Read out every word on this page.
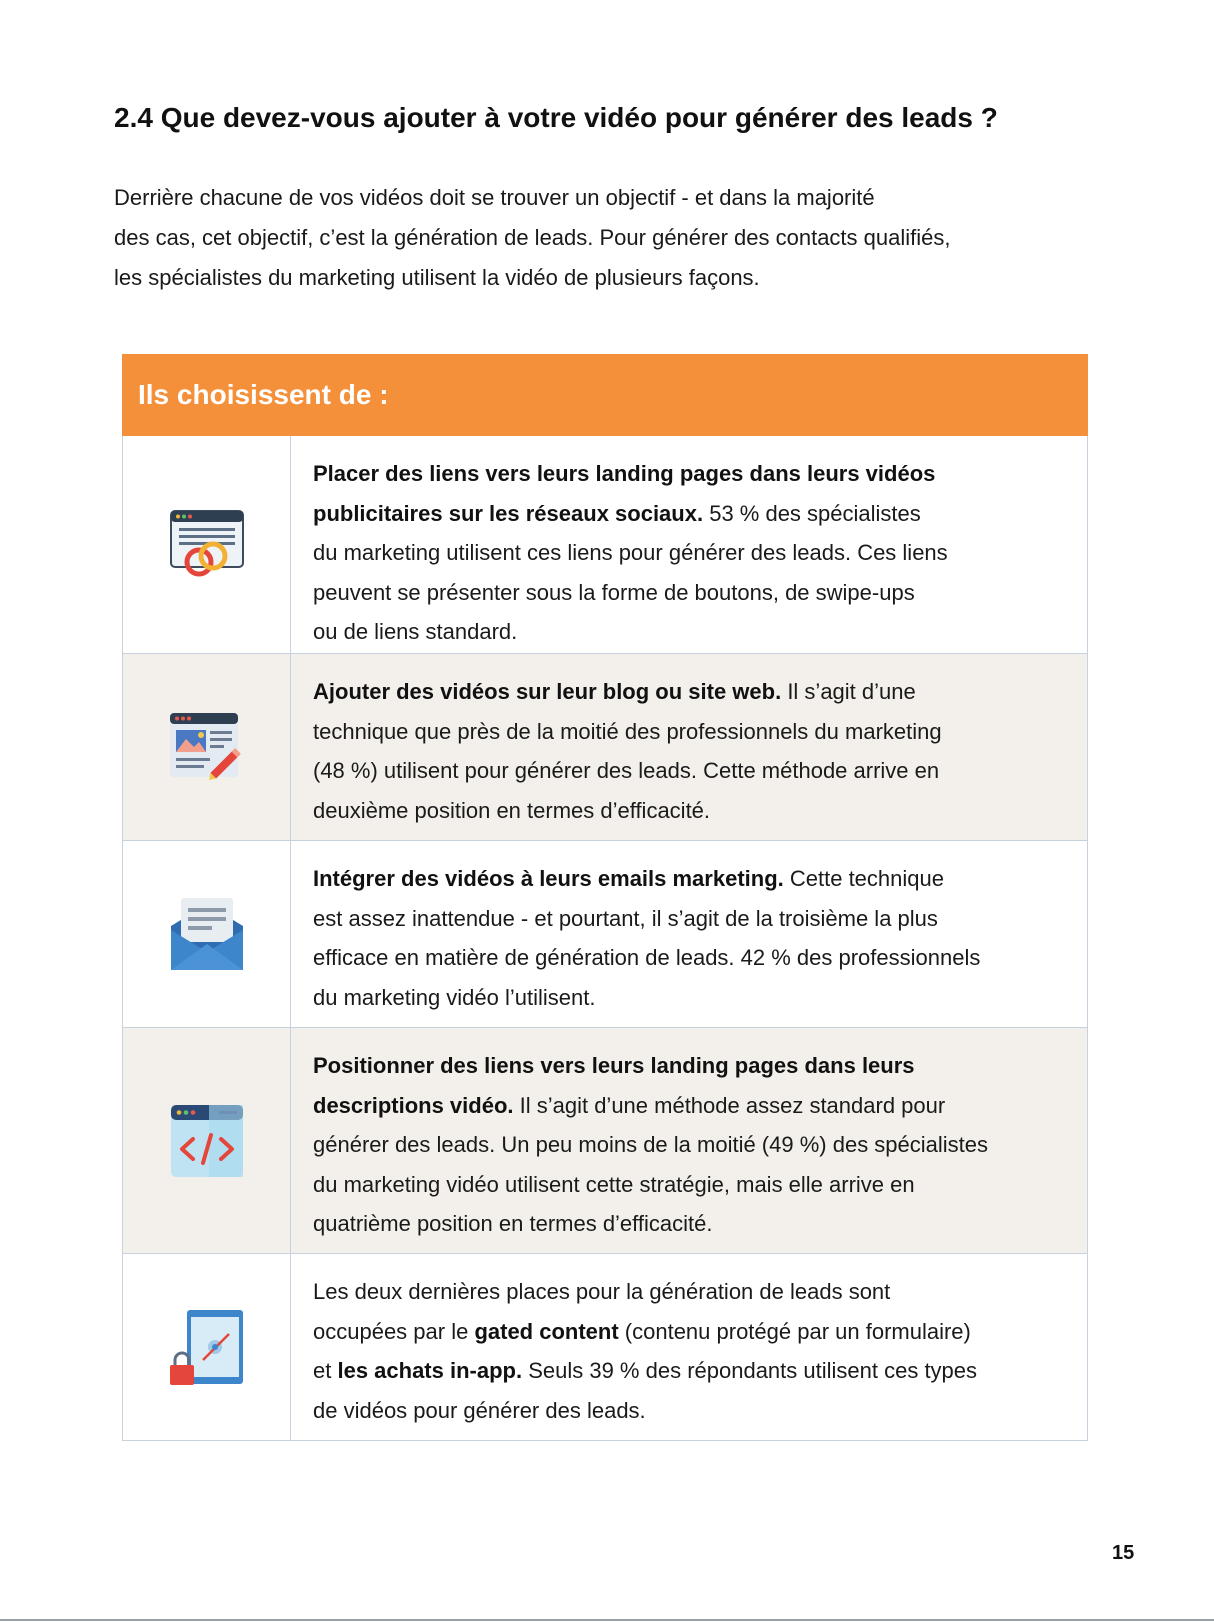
2.4 Que devez-vous ajouter à votre vidéo pour générer des leads ?

Derrière chacune de vos vidéos doit se trouver un objectif - et dans la majorité
des cas, cet objectif, c’est la génération de leads. Pour générer des contacts qualifiés,
les spécialistes du marketing utilisent la vidéo de plusieurs façons.

Ils choisissent de :
Placer des liens vers leurs landing pages dans leurs vidéos
publicitaires sur les réseaux sociaux. 53 % des spécialistes
du marketing utilisent ces liens pour générer des leads. Ces liens
peuvent se présenter sous la forme de boutons, de swipe-ups
ou de liens standard.
Ajouter des vidéos sur leur blog ou site web. Il s’agit d’une
technique que près de la moitié des professionnels du marketing
(48 %) utilisent pour générer des leads. Cette méthode arrive en
deuxième position en termes d’efficacité.
Intégrer des vidéos à leurs emails marketing. Cette technique
est assez inattendue - et pourtant, il s’agit de la troisième la plus
efficace en matière de génération de leads. 42 % des professionnels
du marketing vidéo l’utilisent.
Positionner des liens vers leurs landing pages dans leurs
descriptions vidéo. Il s’agit d’une méthode assez standard pour
générer des leads. Un peu moins de la moitié (49 %) des spécialistes
du marketing vidéo utilisent cette stratégie, mais elle arrive en
quatrième position en termes d’efficacité.
Les deux dernières places pour la génération de leads sont
occupées par le gated content (contenu protégé par un formulaire)
et les achats in-app. Seuls 39 % des répondants utilisent ces types
de vidéos pour générer des leads.
15
